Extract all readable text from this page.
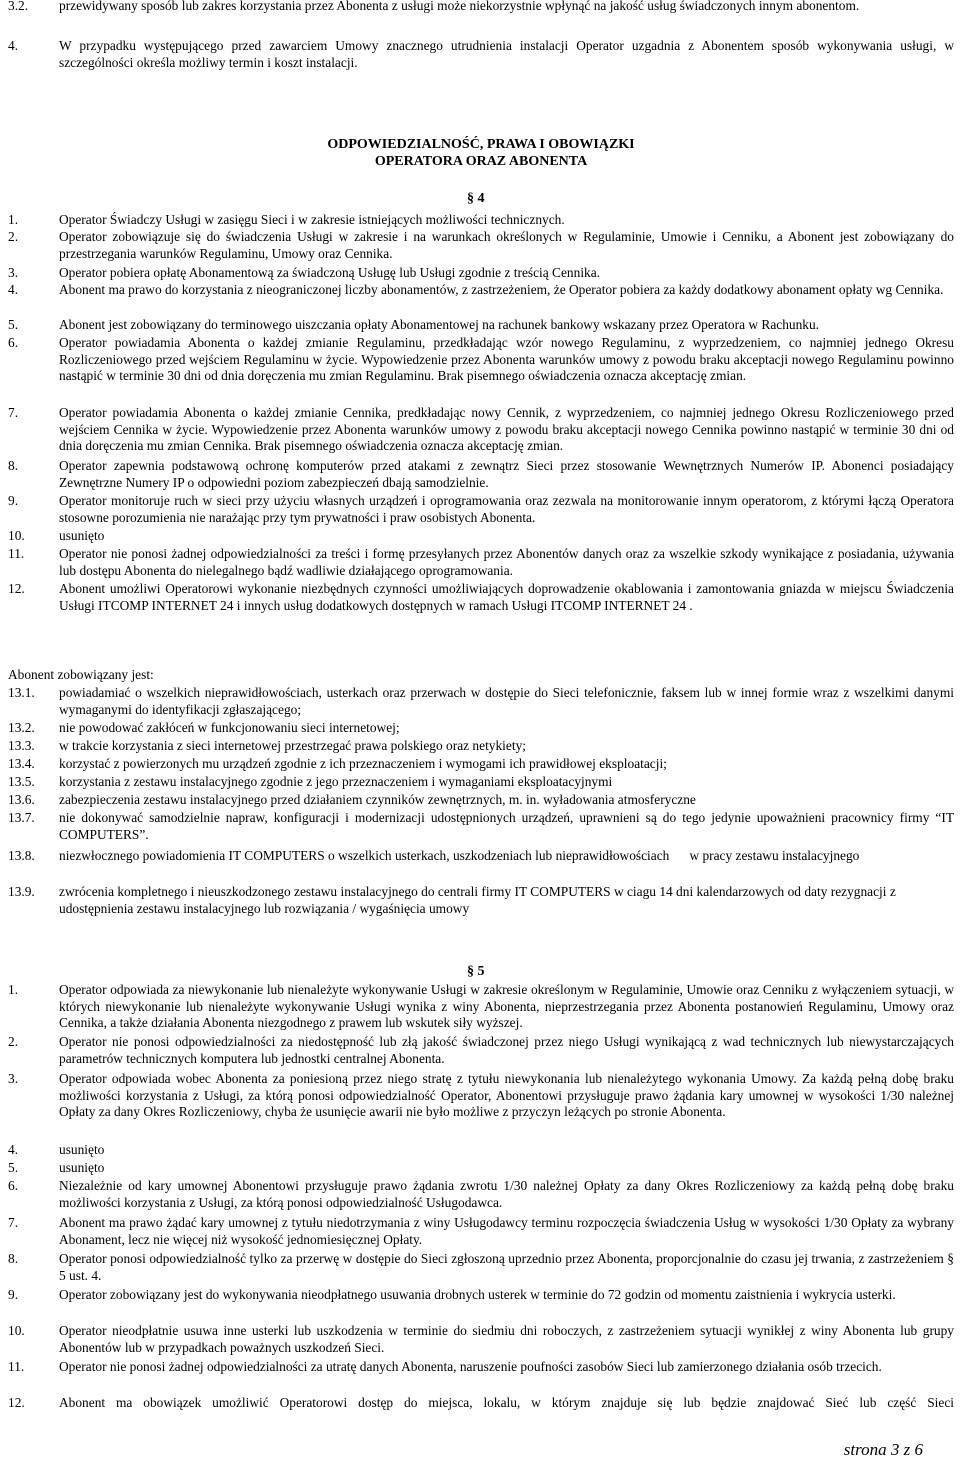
3.2. przewidywany sposób lub zakres korzystania przez Abonenta z usługi może niekorzystnie wpłynąć na jakość usług świadczonych innym abonentom.
4.	W przypadku występującego przed zawarciem Umowy znacznego utrudnienia instalacji Operator uzgadnia z Abonentem sposób wykonywania usługi, w szczególności określa możliwy termin i koszt instalacji.
ODPOWIEDZIALNOŚĆ, PRAWA I OBOWIĄZKI
OPERATORA ORAZ ABONENTA
§ 4
1.	Operator Świadczy Usługi w zasięgu Sieci i w zakresie istniejących możliwości technicznych.
2.	Operator zobowiązuje się do świadczenia Usługi w zakresie i na warunkach określonych w Regulaminie, Umowie i Cenniku, a Abonent jest zobowiązany do przestrzegania warunków Regulaminu, Umowy oraz Cennika.
3.	Operator pobiera opłatę Abonamentową za świadczoną Usługę lub Usługi zgodnie z treścią Cennika.
4.	Abonent ma prawo do korzystania z nieograniczonej liczby abonamentów, z zastrzeżeniem, że Operator pobiera za każdy dodatkowy abonament opłaty wg Cennika.
5.	Abonent jest zobowiązany do terminowego uiszczania opłaty Abonamentowej na rachunek bankowy wskazany przez Operatora w Rachunku.
6.	Operator powiadamia Abonenta o każdej zmianie Regulaminu, przedkładając wzór nowego Regulaminu, z wyprzedzeniem, co najmniej jednego Okresu Rozliczeniowego przed wejściem Regulaminu w życie. Wypowiedzenie przez Abonenta warunków umowy z powodu braku akceptacji nowego Regulaminu powinno nastąpić w terminie 30 dni od dnia doręczenia mu zmian Regulaminu. Brak pisemnego oświadczenia oznacza akceptację zmian.
7.	Operator powiadamia Abonenta o każdej zmianie Cennika, predkładając nowy Cennik, z wyprzedzeniem, co najmniej jednego Okresu Rozliczeniowego przed wejściem Cennika w życie. Wypowiedzenie przez Abonenta warunków umowy z powodu braku akceptacji nowego Cennika powinno nastąpić w terminie 30 dni od dnia doręczenia mu zmian Cennika. Brak pisemnego oświadczenia oznacza akceptację zmian.
8.	Operator zapewnia podstawową ochronę komputerów przed atakami z zewnątrz Sieci przez stosowanie Wewnętrznych Numerów IP. Abonenci posiadający Zewnętrzne Numery IP o odpowiedni poziom zabezpieczeń dbają samodzielnie.
9.	Operator monitoruje ruch w sieci przy użyciu własnych urządzeń i oprogramowania oraz zezwala na monitorowanie innym operatorom, z którymi łączą Operatora stosowne porozumienia nie narażając przy tym prywatności i praw osobistych Abonenta.
10.	usunięto
11.	Operator nie ponosi żadnej odpowiedzialności za treści i formę przesyłanych przez Abonentów danych oraz za wszelkie szkody wynikające z posiadania, używania lub dostępu Abonenta do nielegalnego bądź wadliwie działającego oprogramowania.
12.	Abonent umożliwi Operatorowi wykonanie niezbędnych czynności umożliwiających doprowadzenie okablowania i zamontowania gniazda w miejscu Świadczenia Usługi ITCOMP INTERNET 24 i innych usług dodatkowych dostępnych w ramach Usługi ITCOMP INTERNET 24 .
Abonent zobowiązany jest:
13.1. powiadamiać o wszelkich nieprawidłowościach, usterkach oraz przerwach w dostępie do Sieci telefonicznie, faksem lub w innej formie wraz z wszelkimi danymi wymaganymi do identyfikacji zgłaszającego;
13.2. nie powodować zakłóceń w funkcjonowaniu sieci internetowej;
13.3. w trakcie korzystania z sieci internetowej przestrzegać prawa polskiego oraz netykiety;
13.4. korzystać z powierzonych mu urządzeń zgodnie z ich przeznaczeniem i wymogami ich prawidłowej eksploatacji;
13.5. korzystania z zestawu instalacyjnego zgodnie z jego przeznaczeniem i wymaganiami eksploatacyjnymi
13.6. zabezpieczenia zestawu instalacyjnego przed działaniem czynników zewnętrznych, m. in. wyładowania atmosferyczne
13.7. nie dokonywać samodzielnie napraw, konfiguracji i modernizacji udostępnionych urządzeń, uprawnieni są do tego jedynie upoważnieni pracownicy firmy “IT COMPUTERS”.
13.8. niezwłocznego powiadomienia IT COMPUTERS o wszelkich usterkach, uszkodzeniach lub nieprawidłowościach      w pracy zestawu instalacyjnego
13.9. zwrócenia kompletnego i nieuszkodzonego zestawu instalacyjnego do centrali firmy IT COMPUTERS w ciagu 14 dni kalendarzowych od daty rezygnacji z udostępnienia zestawu instalacyjnego lub rozwiązania / wygaśnięcia umowy
§ 5
1.	Operator odpowiada za niewykonanie lub nienależyte wykonywanie Usługi w zakresie określonym w Regulaminie, Umowie oraz Cenniku z wyłączeniem sytuacji, w których niewykonanie lub nienależyte wykonywanie Usługi wynika z winy Abonenta, nieprzestrzegania przez Abonenta postanowień Regulaminu, Umowy oraz Cennika, a także działania Abonenta niezgodnego z prawem lub wskutek siły wyższej.
2.	Operator nie ponosi odpowiedzialności za niedostępność lub złą jakość świadczonej przez niego Usługi wynikającą z wad technicznych lub niewystarczających parametrów technicznych komputera lub jednostki centralnej Abonenta.
3.	Operator odpowiada wobec Abonenta za poniesioną przez niego stratę z tytułu niewykonania lub nienależytego wykonania Umowy. Za każdą pełną dobę braku możliwości korzystania z Usługi, za którą ponosi odpowiedzialność Operator, Abonentowi przysługuje prawo żądania kary umownej w wysokości 1/30 należnej Opłaty za dany Okres Rozliczeniowy, chyba że usunięcie awarii nie było możliwe z przyczyn leżących po stronie Abonenta.
4.	usunięto
5.	usunięto
6.	Niezależnie od kary umownej Abonentowi przysługuje prawo żądania zwrotu 1/30 należnej Opłaty za dany Okres Rozliczeniowy za każdą pełną dobę braku możliwości korzystania z Usługi, za którą ponosi odpowiedzialność Usługodawca.
7.	Abonent ma prawo żądać kary umownej z tytułu niedotrzymania z winy Usługodawcy terminu rozpoczęcia świadczenia Usług w wysokości 1/30 Opłaty za wybrany Abonament, lecz nie więcej niż wysokość jednomiesięcznej Opłaty.
8.	Operator ponosi odpowiedzialność tylko za przerwę w dostępie do Sieci zgłoszoną uprzednio przez Abonenta, proporcjonalnie do czasu jej trwania, z zastrzeżeniem § 5 ust. 4.
9.	Operator zobowiązany jest do wykonywania nieodpłatnego usuwania drobnych usterek w terminie do 72 godzin od momentu zaistnienia i wykrycia usterki.
10.	Operator nieodpłatnie usuwa inne usterki lub uszkodzenia w terminie do siedmiu dni roboczych, z zastrzeżeniem sytuacji wynikłej z winy Abonenta lub grupy Abonentów lub w przypadkach poważnych uszkodzeń Sieci.
11.	Operator nie ponosi żadnej odpowiedzialności za utratę danych Abonenta, naruszenie poufności zasobów Sieci lub zamierzonego działania osób trzecich.
12.	Abonent ma obowiązek umożliwić Operatorowi dostęp do miejsca, lokalu, w którym znajduje się lub będzie znajdować Sieć lub część Sieci
strona 3 z 6
